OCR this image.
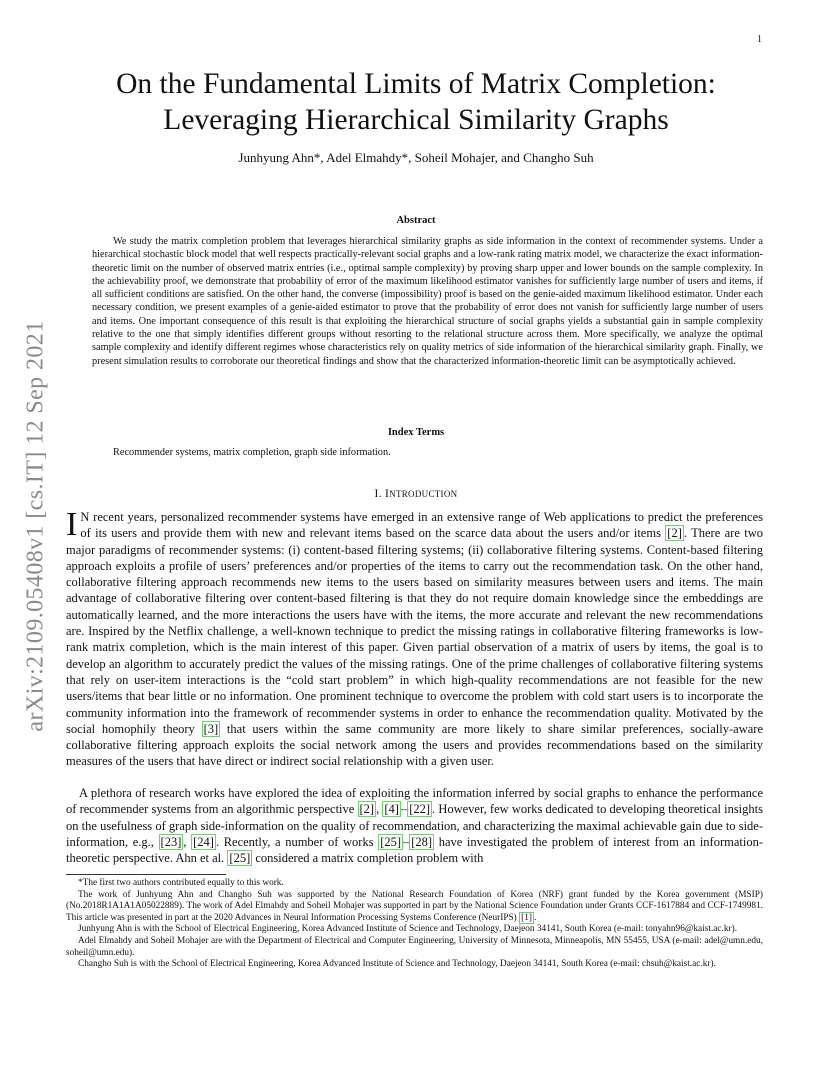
1
arXiv:2109.05408v1 [cs.IT] 12 Sep 2021
On the Fundamental Limits of Matrix Completion:
Leveraging Hierarchical Similarity Graphs
Junhyung Ahn*, Adel Elmahdy*, Soheil Mohajer, and Changho Suh
Abstract

We study the matrix completion problem that leverages hierarchical similarity graphs as side information in the context of recommender systems. Under a hierarchical stochastic block model that well respects practically-relevant social graphs and a low-rank rating matrix model, we characterize the exact information-theoretic limit on the number of observed matrix entries (i.e., optimal sample complexity) by proving sharp upper and lower bounds on the sample complexity. In the achievability proof, we demonstrate that probability of error of the maximum likelihood estimator vanishes for sufficiently large number of users and items, if all sufficient conditions are satisfied. On the other hand, the converse (impossibility) proof is based on the genie-aided maximum likelihood estimator. Under each necessary condition, we present examples of a genie-aided estimator to prove that the probability of error does not vanish for sufficiently large number of users and items. One important consequence of this result is that exploiting the hierarchical structure of social graphs yields a substantial gain in sample complexity relative to the one that simply identifies different groups without resorting to the relational structure across them. More specifically, we analyze the optimal sample complexity and identify different regimes whose characteristics rely on quality metrics of side information of the hierarchical similarity graph. Finally, we present simulation results to corroborate our theoretical findings and show that the characterized information-theoretic limit can be asymptotically achieved.

Index Terms
Recommender systems, matrix completion, graph side information.
I. INTRODUCTION

I N recent years, personalized recommender systems have emerged in an extensive range of Web applications to predict the preferences of its users and provide them with new and relevant items based on the scarce data about the users and/or items [2] . There are two major paradigms of recommender systems: (i) content-based filtering systems; (ii) collaborative filtering systems. Content-based filtering approach exploits a profile of users’ preferences and/or properties of the items to carry out the recommendation task. On the other hand, collaborative filtering approach recommends new items to the users based on similarity measures between users and items. The main advantage of collaborative filtering over content-based filtering is that they do not require domain knowledge since the embeddings are automatically learned, and the more interactions the users have with the items, the more accurate and relevant the new recommendations are. Inspired by the Netflix challenge, a well-known technique to predict the missing ratings in collaborative filtering frameworks is low-rank matrix completion, which is the main interest of this paper. Given partial observation of a matrix of users by items, the goal is to develop an algorithm to accurately predict the values of the missing ratings. One of the prime challenges of collaborative filtering systems that rely on user-item interactions is the “cold start problem” in which high-quality recommendations are not feasible for the new users/items that bear little or no information. One prominent technique to overcome the problem with cold start users is to incorporate the community information into the framework of recommender systems in order to enhance the recommendation quality. Motivated by the social homophily theory [3] that users within the same community are more likely to share similar preferences, socially-aware collaborative filtering approach exploits the social network among the users and provides recommendations based on the similarity measures of the users that have direct or indirect social relationship with a given user.

A plethora of research works have explored the idea of exploiting the information inferred by social graphs to enhance the performance of recommender systems from an algorithmic perspective [2] , [4] – [22] . However, few works dedicated to developing theoretical insights on the usefulness of graph side-information on the quality of recommendation, and characterizing the maximal achievable gain due to side-information, e.g., [23] , [24] . Recently, a number of works [25] – [28] have investigated the problem of interest from an information-theoretic perspective. Ahn et al. [25] considered a matrix completion problem with

*The first two authors contributed equally to this work.

The work of Junhyung Ahn and Changho Suh was supported by the National Research Foundation of Korea (NRF) grant funded by the Korea government (MSIP) (No.2018R1A1A1A05022889). The work of Adel Elmahdy and Soheil Mohajer was supported in part by the National Science Foundation under Grants CCF-1617884 and CCF-1749981. This article was presented in part at the 2020 Advances in Neural Information Processing Systems Conference (NeurIPS) [1] .

Junhyung Ahn is with the School of Electrical Engineering, Korea Advanced Institute of Science and Technology, Daejeon 34141, South Korea (e-mail: tonyahn96@kaist.ac.kr).

Adel Elmahdy and Soheil Mohajer are with the Department of Electrical and Computer Engineering, University of Minnesota, Minneapolis, MN 55455, USA (e-mail: adel@umn.edu, soheil@umn.edu).

Changho Suh is with the School of Electrical Engineering, Korea Advanced Institute of Science and Technology, Daejeon 34141, South Korea (e-mail: chsuh@kaist.ac.kr).
